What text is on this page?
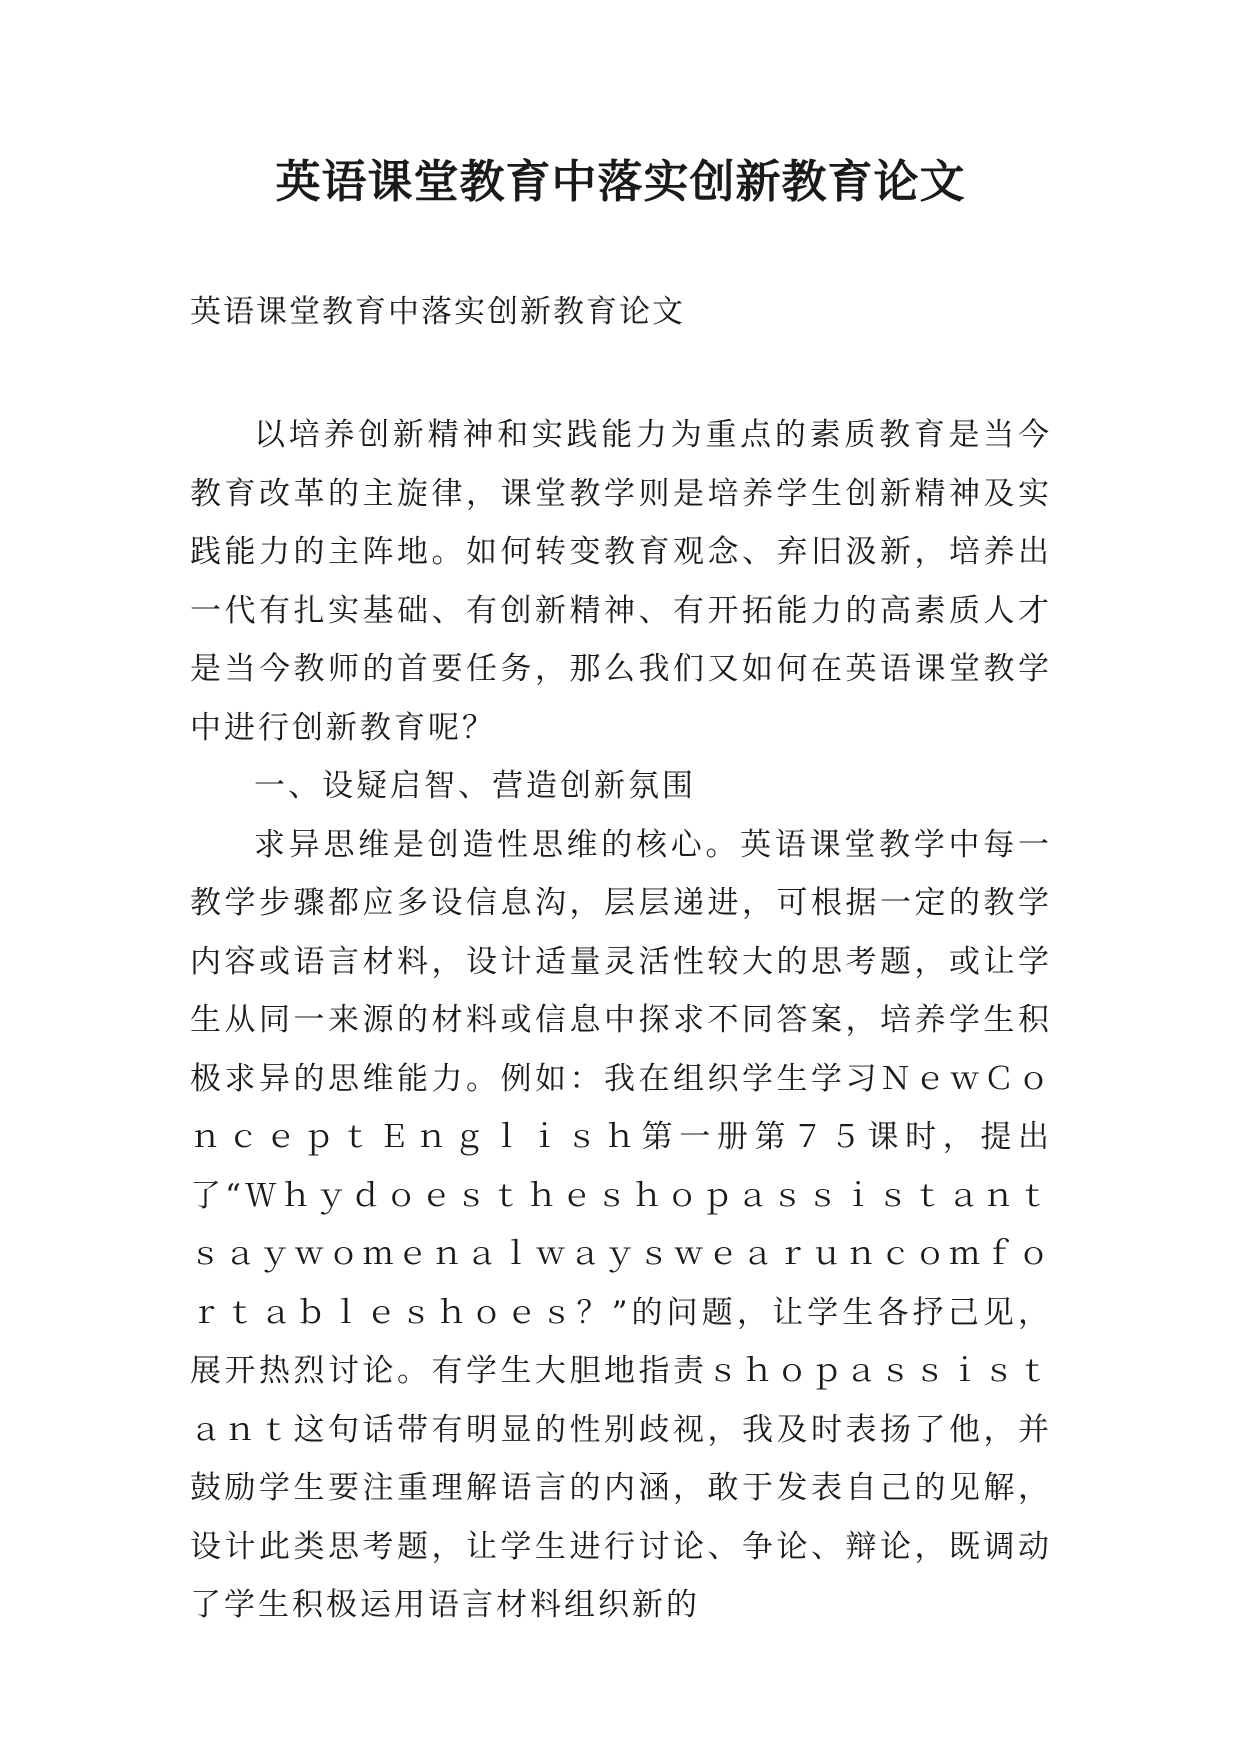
英语课堂教育中落实创新教育论文
英语课堂教育中落实创新教育论文

以培养创新精神和实践能力为重点的素质教育是当今教育改革的主旋律，课堂教学则是培养学生创新精神及实践能力的主阵地。如何转变教育观念、弃旧汲新，培养出一代有扎实基础、有创新精神、有开拓能力的高素质人才是当今教师的首要任务，那么我们又如何在英语课堂教学中进行创新教育呢？

一、设疑启智、营造创新氛围

求异思维是创造性思维的核心。英语课堂教学中每一教学步骤都应多设信息沟，层层递进，可根据一定的教学内容或语言材料，设计适量灵活性较大的思考题，或让学生从同一来源的材料或信息中探求不同答案，培养学生积极求异的思维能力。例如：我在组织学生学习ＮｅｗＣｏｎｃｅｐｔＥｎｇｌｉｓｈ第一册第７５课时，提出了“Ｗｈｙｄｏｅｓｔｈｅｓｈｏｐａｓｓｉｓｔａｎｔｓａｙｗｏｍｅｎａｌｗａｙｓｗｅａｒｕｎｃｏｍｆｏｒｔａｂｌｅｓｈｏｅｓ？”的问题，让学生各抒己见，展开热烈讨论。有学生大胆地指责ｓｈｏｐａｓｓｉｓｔａｎｔ这句话带有明显的性别歧视，我及时表扬了他，并鼓励学生要注重理解语言的内涵，敢于发表自己的见解，设计此类思考题，让学生进行讨论、争论、辩论，既调动了学生积极运用语言材料组织新的
